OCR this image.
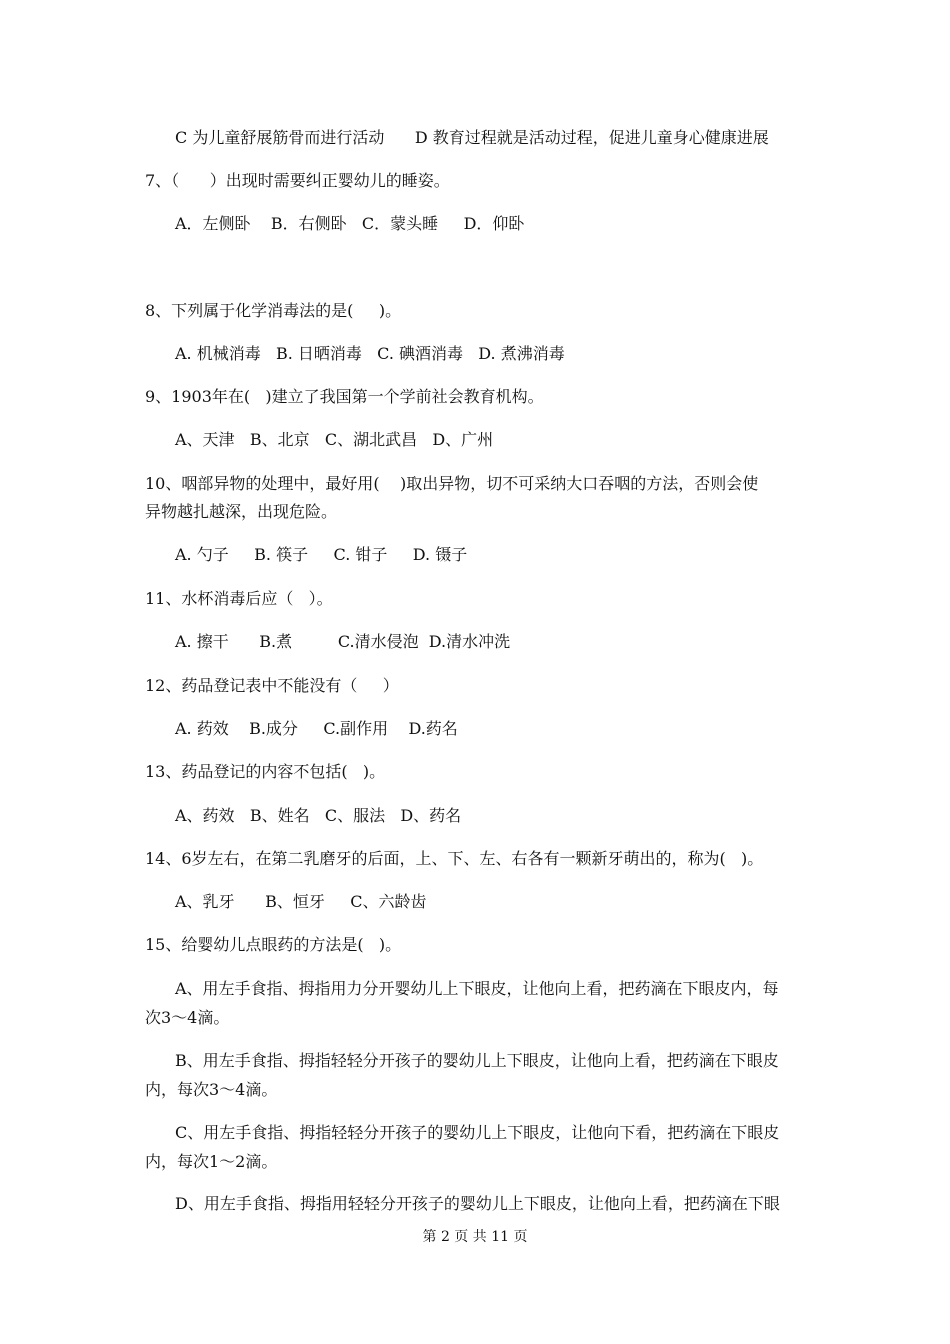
C 为儿童舒展筋骨而进行活动      D 教育过程就是活动过程，促进儿童身心健康进展
7、（      ）出现时需要纠正婴幼儿的睡姿。
A．左侧卧    B．右侧卧   C．蒙头睡     D．仰卧
8、下列属于化学消毒法的是(     )。
A. 机械消毒   B. 日晒消毒   C. 碘酒消毒   D. 煮沸消毒
9、1903年在(   )建立了我国第一个学前社会教育机构。
A、天津   B、北京   C、湖北武昌   D、广州
10、咽部异物的处理中，最好用(    )取出异物，切不可采纳大口吞咽的方法，否则会使
异物越扎越深，出现危险。
A. 勺子     B. 筷子     C. 钳子     D. 镊子
11、水杯消毒后应（   ）。
A. 擦干      B.煮         C.清水侵泡  D.清水冲洗
12、药品登记表中不能没有（     ）
A. 药效    B.成分     C.副作用    D.药名
13、药品登记的内容不包括(   )。
A、药效   B、姓名   C、服法   D、药名
14、6岁左右，在第二乳磨牙的后面，上、下、左、右各有一颗新牙萌出的，称为(   )。
A、乳牙      B、恒牙     C、六龄齿
15、给婴幼儿点眼药的方法是(   )。
A、用左手食指、拇指用力分开婴幼儿上下眼皮，让他向上看，把药滴在下眼皮内，每
次3～4滴。
B、用左手食指、拇指轻轻分开孩子的婴幼儿上下眼皮，让他向上看，把药滴在下眼皮
内，每次3～4滴。
C、用左手食指、拇指轻轻分开孩子的婴幼儿上下眼皮，让他向下看，把药滴在下眼皮
内，每次1～2滴。
D、用左手食指、拇指用轻轻分开孩子的婴幼儿上下眼皮，让他向上看，把药滴在下眼
第 2 页 共 11 页
